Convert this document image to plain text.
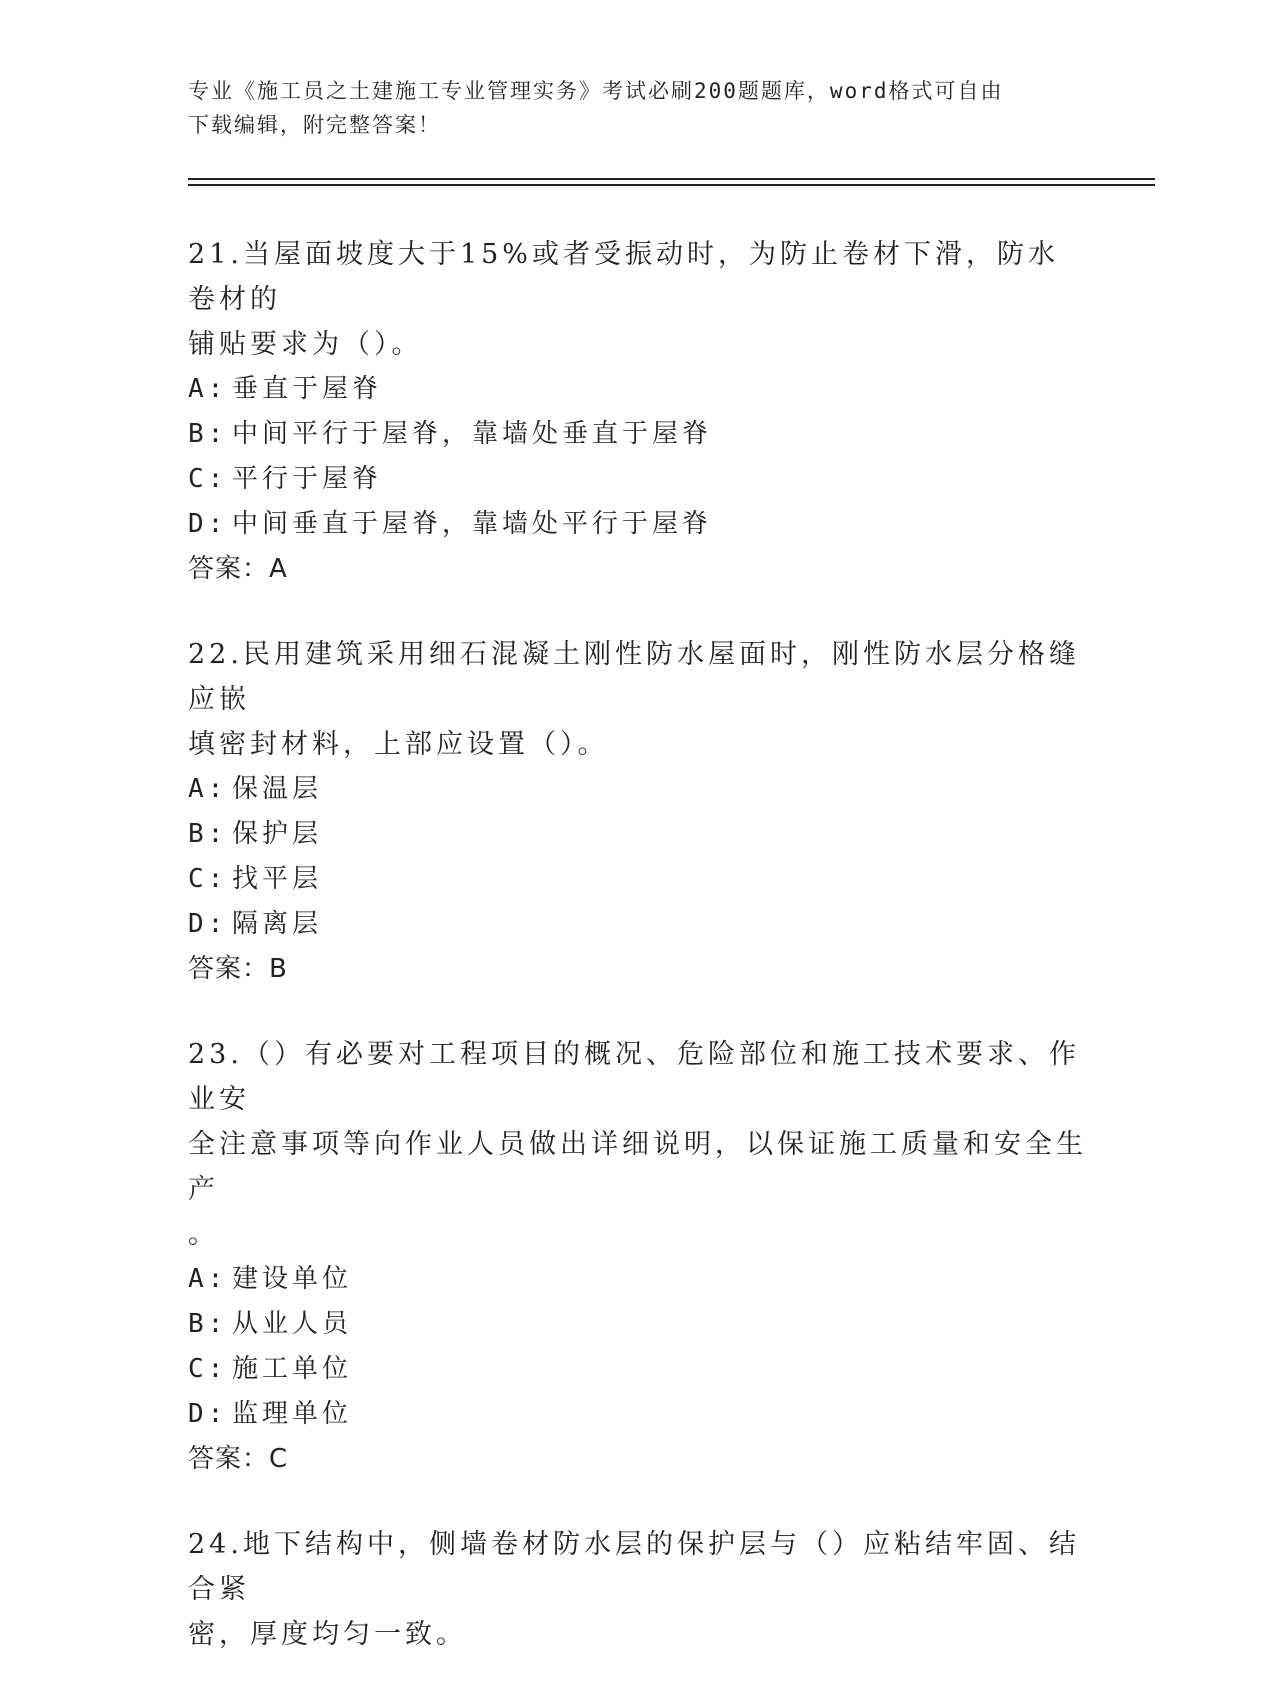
专业《施工员之土建施工专业管理实务》考试必刷200题题库，word格式可自由

下载编辑，附完整答案！

21.当屋面坡度大于15%或者受振动时，为防止卷材下滑，防水卷材的

铺贴要求为（）。

A: 垂直于屋脊

B: 中间平行于屋脊，靠墙处垂直于屋脊

C: 平行于屋脊

D: 中间垂直于屋脊，靠墙处平行于屋脊

答案：A

22.民用建筑采用细石混凝土刚性防水屋面时，刚性防水层分格缝应嵌

填密封材料，上部应设置（）。

A: 保温层

B: 保护层

C: 找平层

D: 隔离层

答案：B

23.（）有必要对工程项目的概况、危险部位和施工技术要求、作业安

全注意事项等向作业人员做出详细说明，以保证施工质量和安全生产

。

A: 建设单位

B: 从业人员

C: 施工单位

D: 监理单位

答案：C

24.地下结构中，侧墙卷材防水层的保护层与（）应粘结牢固、结合紧

密，厚度均匀一致。
